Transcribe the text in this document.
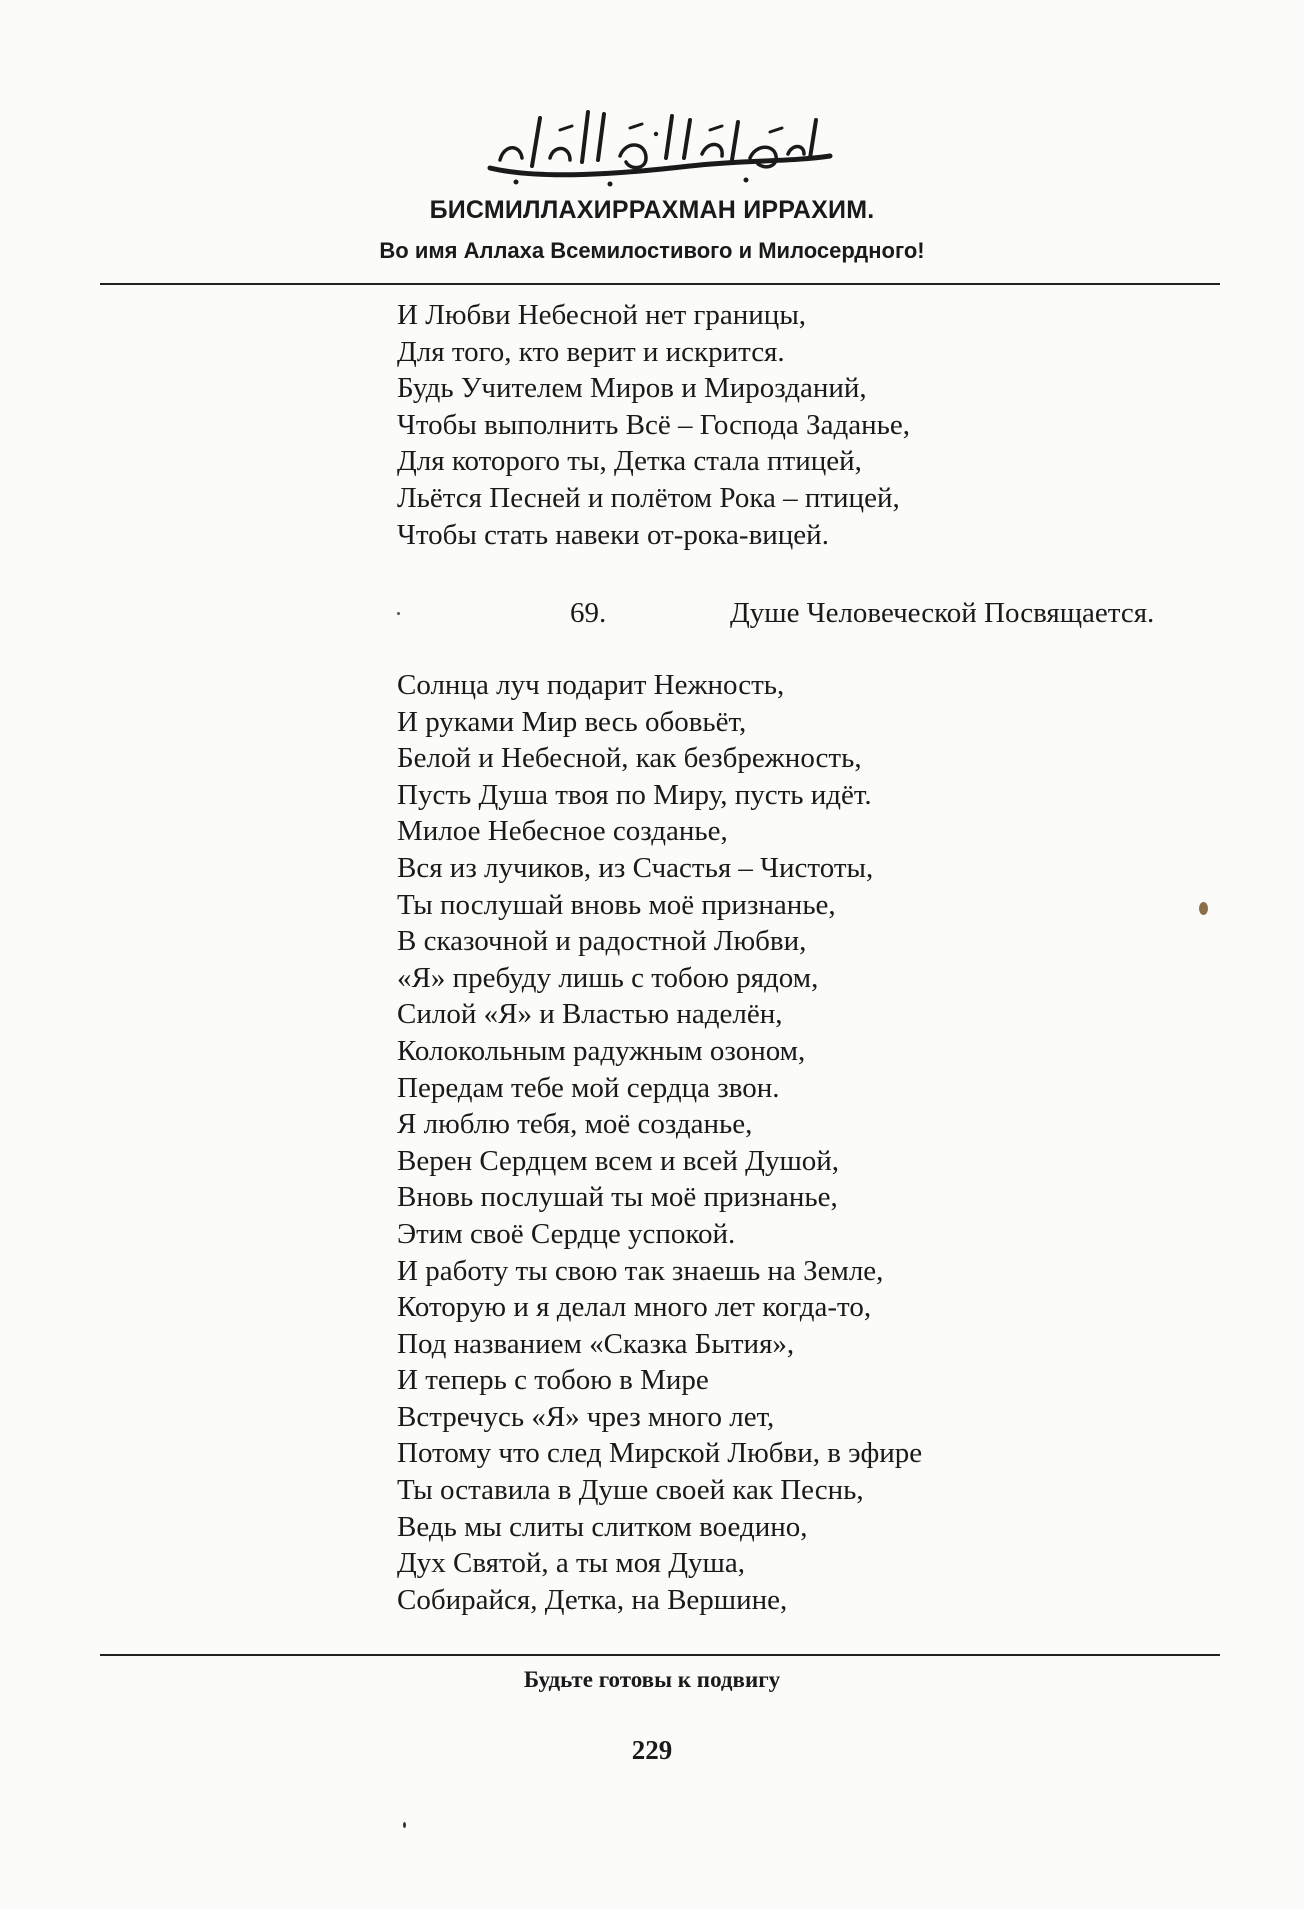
БИСМИЛЛАХИРРАХМАН ИРРАХИМ.
Во имя Аллаха Всемилостивого и Милосердного!
И Любви Небесной нет границы,
Для того, кто верит и искрится.
Будь Учителем Миров и Мирозданий,
Чтобы выполнить Всё – Господа Заданье,
Для которого ты, Детка стала птицей,
Льётся Песней и полётом Рока – птицей,
Чтобы стать навеки от-рока-вицей.
69.	Душе Человеческой Посвящается.
Солнца луч подарит Нежность,
И руками Мир весь обовьёт,
Белой и Небесной, как безбрежность,
Пусть Душа твоя по Миру, пусть идёт.
Милое Небесное созданье,
Вся из лучиков, из Счастья – Чистоты,
Ты послушай вновь моё признанье,
В сказочной и радостной Любви,
«Я» пребуду лишь с тобою рядом,
Силой «Я» и Властью наделён,
Колокольным радужным озоном,
Передам тебе мой сердца звон.
Я люблю тебя, моё созданье,
Верен Сердцем всем и всей Душой,
Вновь послушай ты моё признанье,
Этим своё Сердце успокой.
И работу ты свою так знаешь на Земле,
Которую и я делал много лет когда-то,
Под названием «Сказка Бытия»,
И теперь с тобою в Мире
Встречусь «Я» чрез много лет,
Потому что след Мирской Любви, в эфире
Ты оставила в Душе своей как Песнь,
Ведь мы слиты слитком воедино,
Дух Святой, а ты моя Душа,
Собирайся, Детка, на Вершине,
Будьте готовы к подвигу
229
